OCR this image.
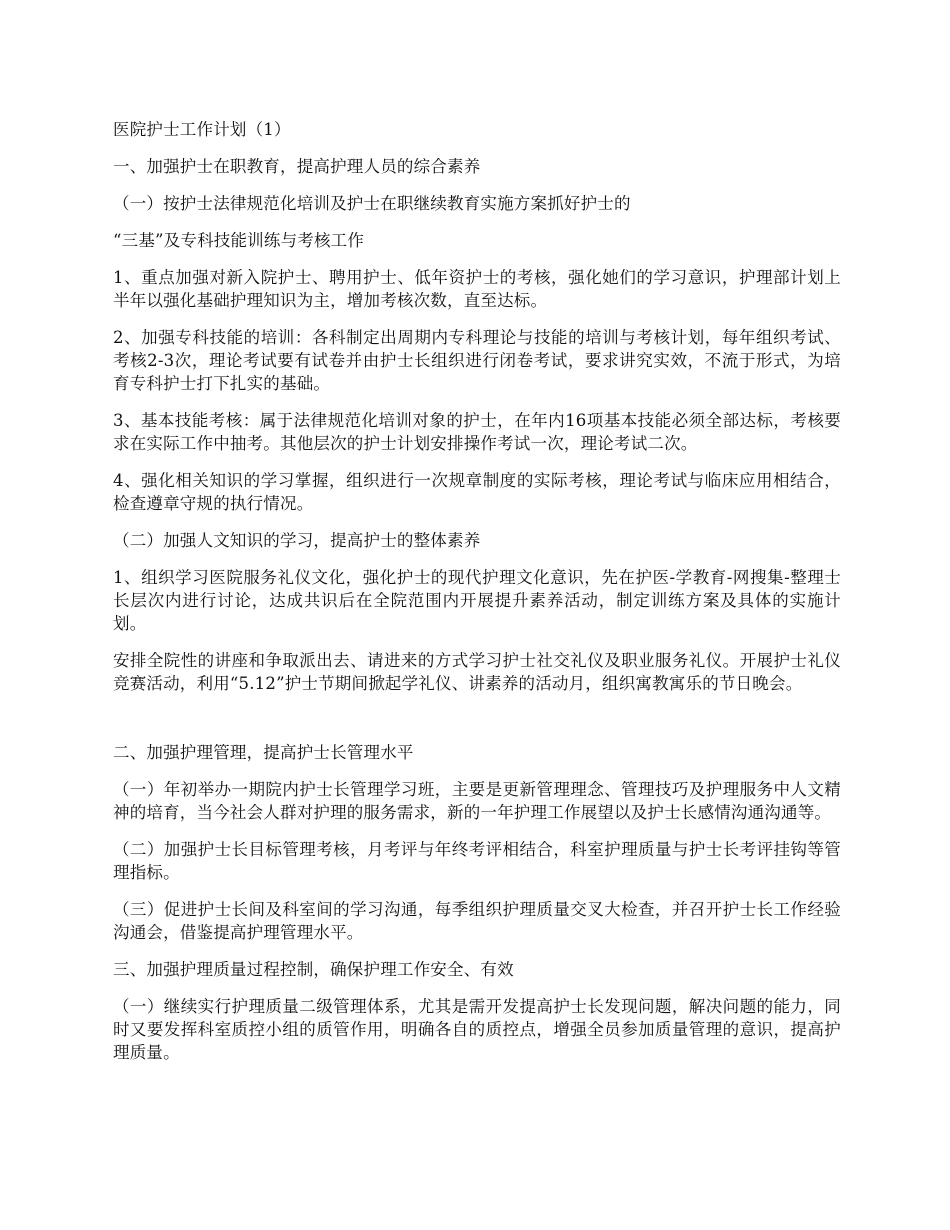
医院护士工作计划（1）

一、加强护士在职教育，提高护理人员的综合素养

（一）按护士法律规范化培训及护士在职继续教育实施方案抓好护士的

“三基”及专科技能训练与考核工作

1、重点加强对新入院护士、聘用护士、低年资护士的考核，强化她们的学习意识，护理部计划上半年以强化基础护理知识为主，增加考核次数，直至达标。

2、加强专科技能的培训：各科制定出周期内专科理论与技能的培训与考核计划，每年组织考试、考核2-3次，理论考试要有试卷并由护士长组织进行闭卷考试，要求讲究实效，不流于形式，为培育专科护士打下扎实的基础。

3、基本技能考核：属于法律规范化培训对象的护士，在年内16项基本技能必须全部达标，考核要求在实际工作中抽考。其他层次的护士计划安排操作考试一次，理论考试二次。

4、强化相关知识的学习掌握，组织进行一次规章制度的实际考核，理论考试与临床应用相结合，检查遵章守规的执行情况。

（二）加强人文知识的学习，提高护士的整体素养

1、组织学习医院服务礼仪文化，强化护士的现代护理文化意识，先在护医-学教育-网搜集-整理士长层次内进行讨论，达成共识后在全院范围内开展提升素养活动，制定训练方案及具体的实施计划。

安排全院性的讲座和争取派出去、请进来的方式学习护士社交礼仪及职业服务礼仪。开展护士礼仪竞赛活动，利用“5.12”护士节期间掀起学礼仪、讲素养的活动月，组织寓教寓乐的节日晚会。

二、加强护理管理，提高护士长管理水平

（一）年初举办一期院内护士长管理学习班，主要是更新管理理念、管理技巧及护理服务中人文精神的培育，当今社会人群对护理的服务需求，新的一年护理工作展望以及护士长感情沟通沟通等。

（二）加强护士长目标管理考核，月考评与年终考评相结合，科室护理质量与护士长考评挂钩等管理指标。

（三）促进护士长间及科室间的学习沟通，每季组织护理质量交叉大检查，并召开护士长工作经验沟通会，借鉴提高护理管理水平。

三、加强护理质量过程控制，确保护理工作安全、有效

（一）继续实行护理质量二级管理体系，尤其是需开发提高护士长发现问题，解决问题的能力，同时又要发挥科室质控小组的质管作用，明确各自的质控点，增强全员参加质量管理的意识，提高护理质量。
